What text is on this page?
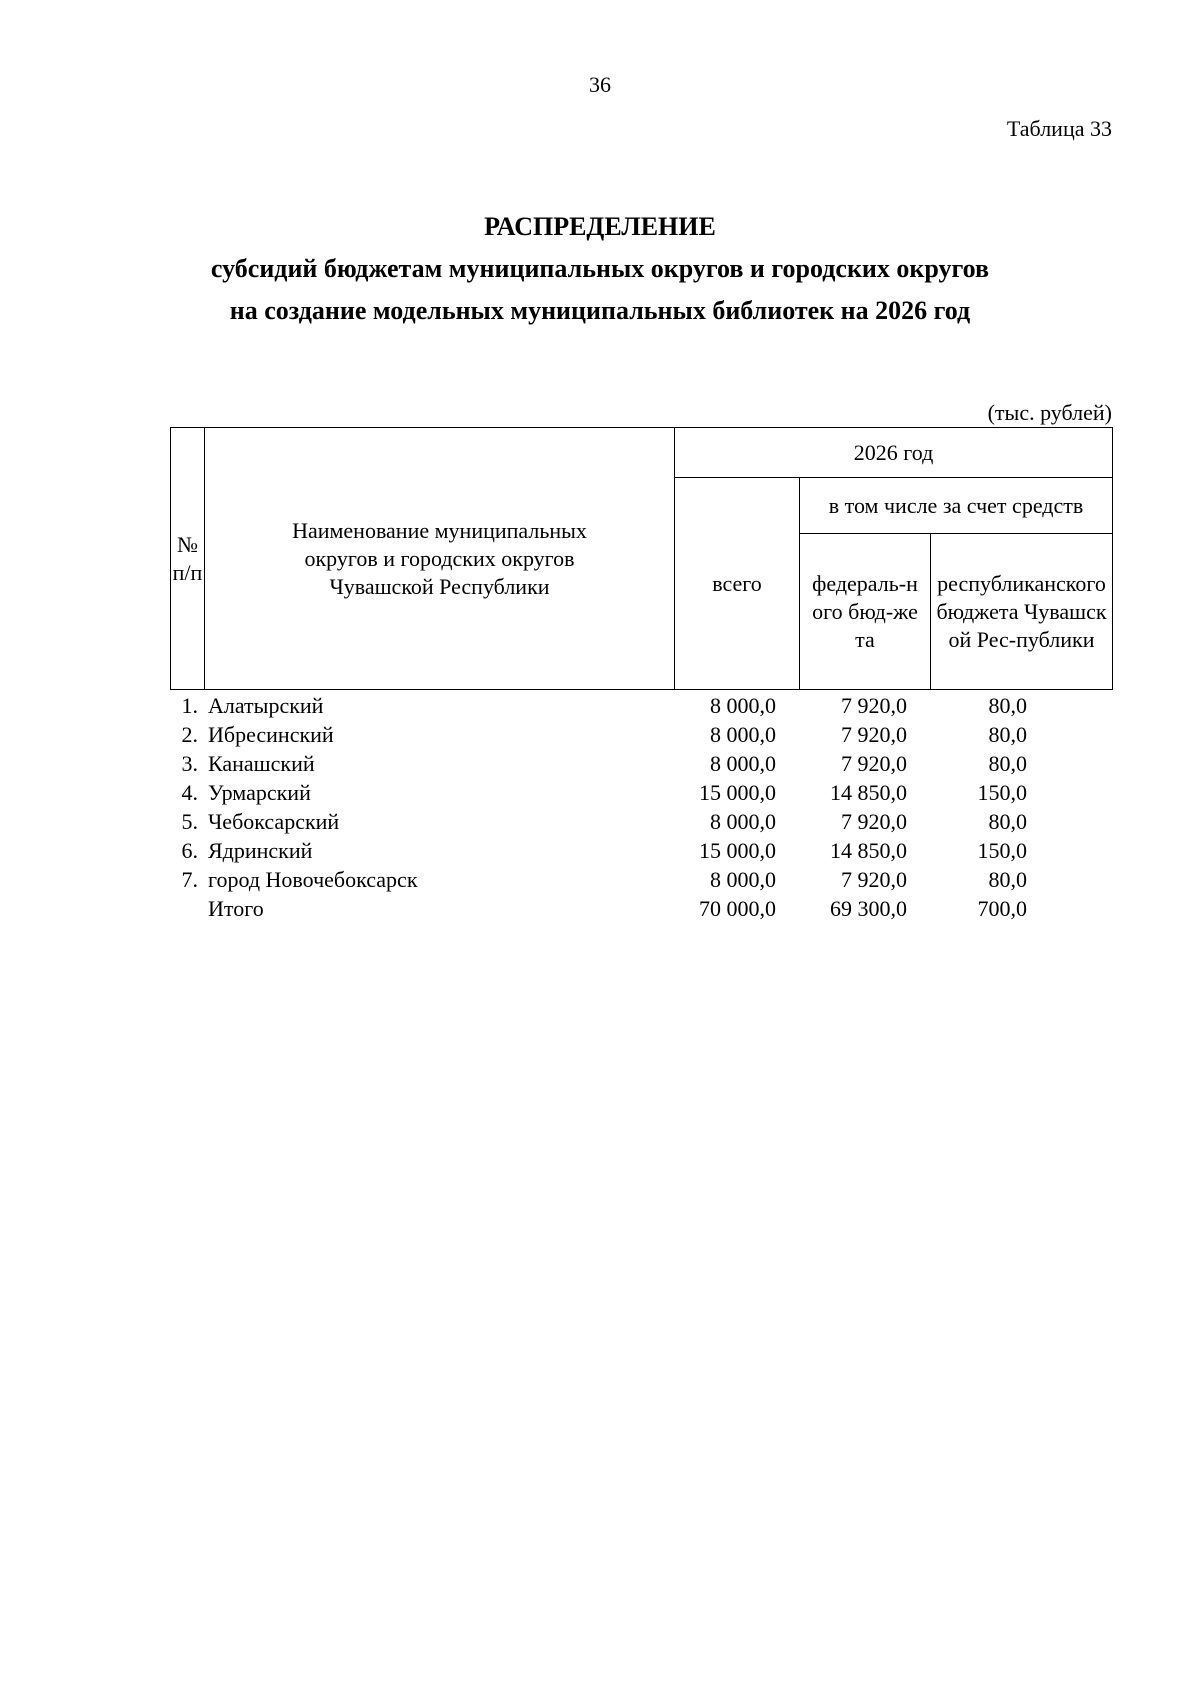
36
Таблица 33
РАСПРЕДЕЛЕНИЕ
субсидий бюджетам муниципальных округов и городских округов
на создание модельных муниципальных библиотек на 2026 год
(тыс. рублей)
№ п/п	Наименование муниципальных округов и городских округов Чувашской Республики	2026 год		
		всего	в том числе за счет средств	
			федераль-ного бюд-жета	республиканского бюджета Чувашской Рес-публики
1. Алатырский	8 000,0	7 920,0	80,0
2. Ибресинский	8 000,0	7 920,0	80,0
3. Канашский	8 000,0	7 920,0	80,0
4. Урмарский	15 000,0	14 850,0	150,0
5. Чебоксарский	8 000,0	7 920,0	80,0
6. Ядринский	15 000,0	14 850,0	150,0
7. город Новочебоксарск	8 000,0	7 920,0	80,0
Итого	70 000,0	69 300,0	700,0
